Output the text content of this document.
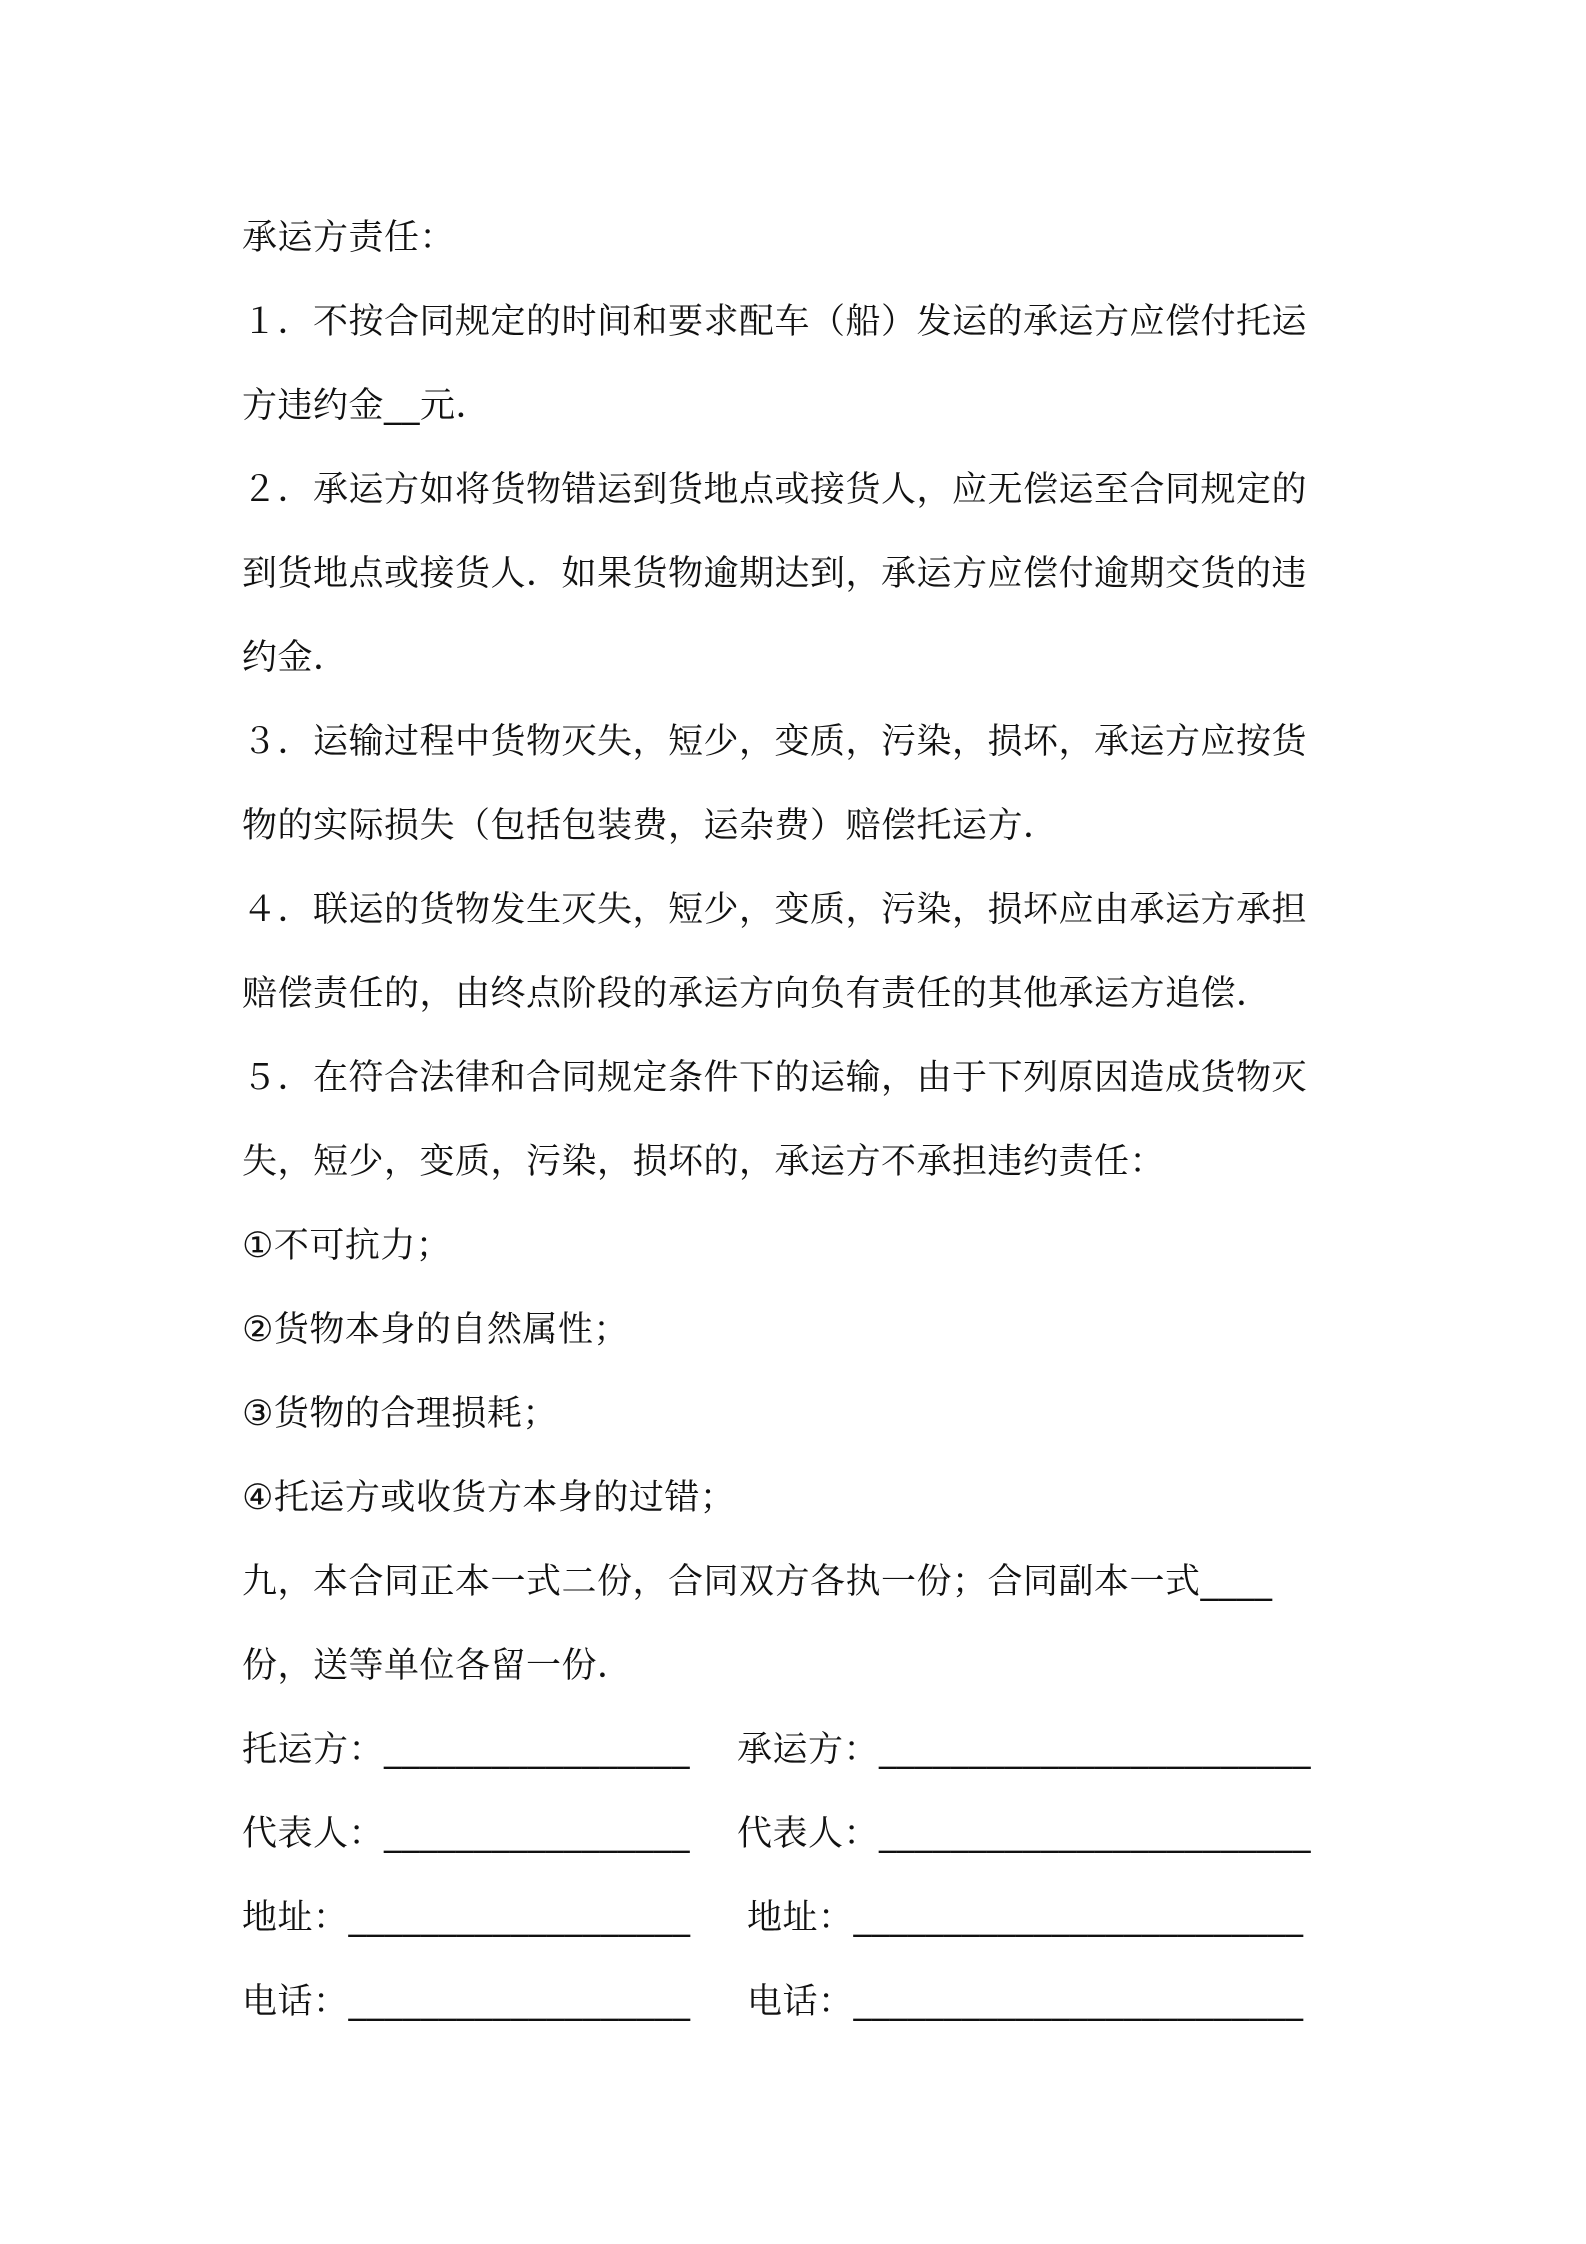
承运方责任：
１．不按合同规定的时间和要求配车（船）发运的承运方应偿付托运
方违约金__元．
２．承运方如将货物错运到货地点或接货人，应无偿运至合同规定的
到货地点或接货人．如果货物逾期达到，承运方应偿付逾期交货的违
约金．
３．运输过程中货物灭失，短少，变质，污染，损坏，承运方应按货
物的实际损失（包括包装费，运杂费）赔偿托运方．
４．联运的货物发生灭失，短少，变质，污染，损坏应由承运方承担
赔偿责任的，由终点阶段的承运方向负有责任的其他承运方追偿．
５．在符合法律和合同规定条件下的运输，由于下列原因造成货物灭
失，短少，变质，污染，损坏的，承运方不承担违约责任：
①不可抗力；
②货物本身的自然属性；
③货物的合理损耗；
④托运方或收货方本身的过错；
九，本合同正本一式二份，合同双方各执一份；合同副本一式____
份，送等单位各留一份．
托运方：_________________ 承运方：________________________
代表人：_________________ 代表人：________________________
地址：___________________ 地址：_________________________
电话：___________________ 电话：_________________________
